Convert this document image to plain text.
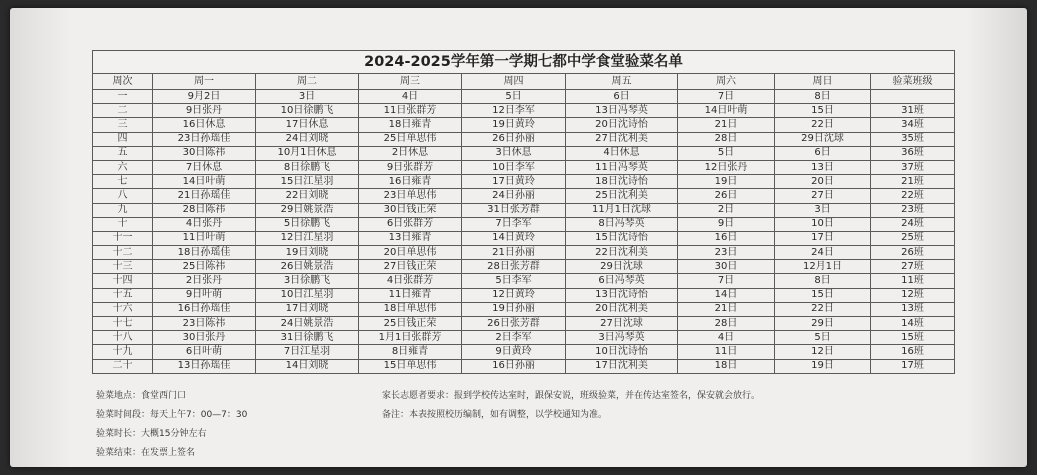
2024-2025学年第一学期七都中学食堂验菜名单
周次	周一	周二	周三	周四	周五	周六	周日	验菜班级
一	9月2日	3日	4日	5日	6日	7日	8日	
二	9日张丹	10日徐鹏飞	11日张群芳	12日李军	13日冯琴英	14日叶萌	15日	31班
三	16日休息	17日休息	18日雍青	19日黄玲	20日沈诗怡	21日	22日	34班
四	23日孙瑶佳	24日刘晓	25日单思伟	26日孙丽	27日沈利美	28日	29日沈球	35班
五	30日陈祎	10月1日休息	2日休息	3日休息	4日休息	5日	6日	36班
六	7日休息	8日徐鹏飞	9日张群芳	10日李军	11日冯琴英	12日张丹	13日	37班
七	14日叶萌	15日江星羽	16日雍青	17日黄玲	18日沈诗怡	19日	20日	21班
八	21日孙瑶佳	22日刘晓	23日单思伟	24日孙丽	25日沈利美	26日	27日	22班
九	28日陈祎	29日姚景浩	30日钱正荣	31日张芳群	11月1日沈球	2日	3日	23班
十	4日张丹	5日徐鹏飞	6日张群芳	7日李军	8日冯琴英	9日	10日	24班
十一	11日叶萌	12日江星羽	13日雍青	14日黄玲	15日沈诗怡	16日	17日	25班
十二	18日孙瑶佳	19日刘晓	20日单思伟	21日孙丽	22日沈利美	23日	24日	26班
十三	25日陈祎	26日姚景浩	27日钱正荣	28日张芳群	29日沈球	30日	12月1日	27班
十四	2日张丹	3日徐鹏飞	4日张群芳	5日李军	6日冯琴英	7日	8日	11班
十五	9日叶萌	10日江星羽	11日雍青	12日黄玲	13日沈诗怡	14日	15日	12班
十六	16日孙瑶佳	17日刘晓	18日单思伟	19日孙丽	20日沈利美	21日	22日	13班
十七	23日陈祎	24日姚景浩	25日钱正荣	26日张芳群	27日沈球	28日	29日	14班
十八	30日张丹	31日徐鹏飞	1月1日张群芳	2日李军	3日冯琴英	4日	5日	15班
十九	6日叶萌	7日江星羽	8日雍青	9日黄玲	10日沈诗怡	11日	12日	16班
二十	13日孙瑶佳	14日刘晓	15日单思伟	16日孙丽	17日沈利美	18日	19日	17班
验菜地点：食堂西门口
验菜时间段：每天上午7：00—7：30
验菜时长：大概15分钟左右
验菜结束：在发票上签名
家长志愿者要求：报到学校传达室时，跟保安说，班级验菜，并在传达室签名，保安就会放行。
备注：本表按照校历编制，如有调整，以学校通知为准。
